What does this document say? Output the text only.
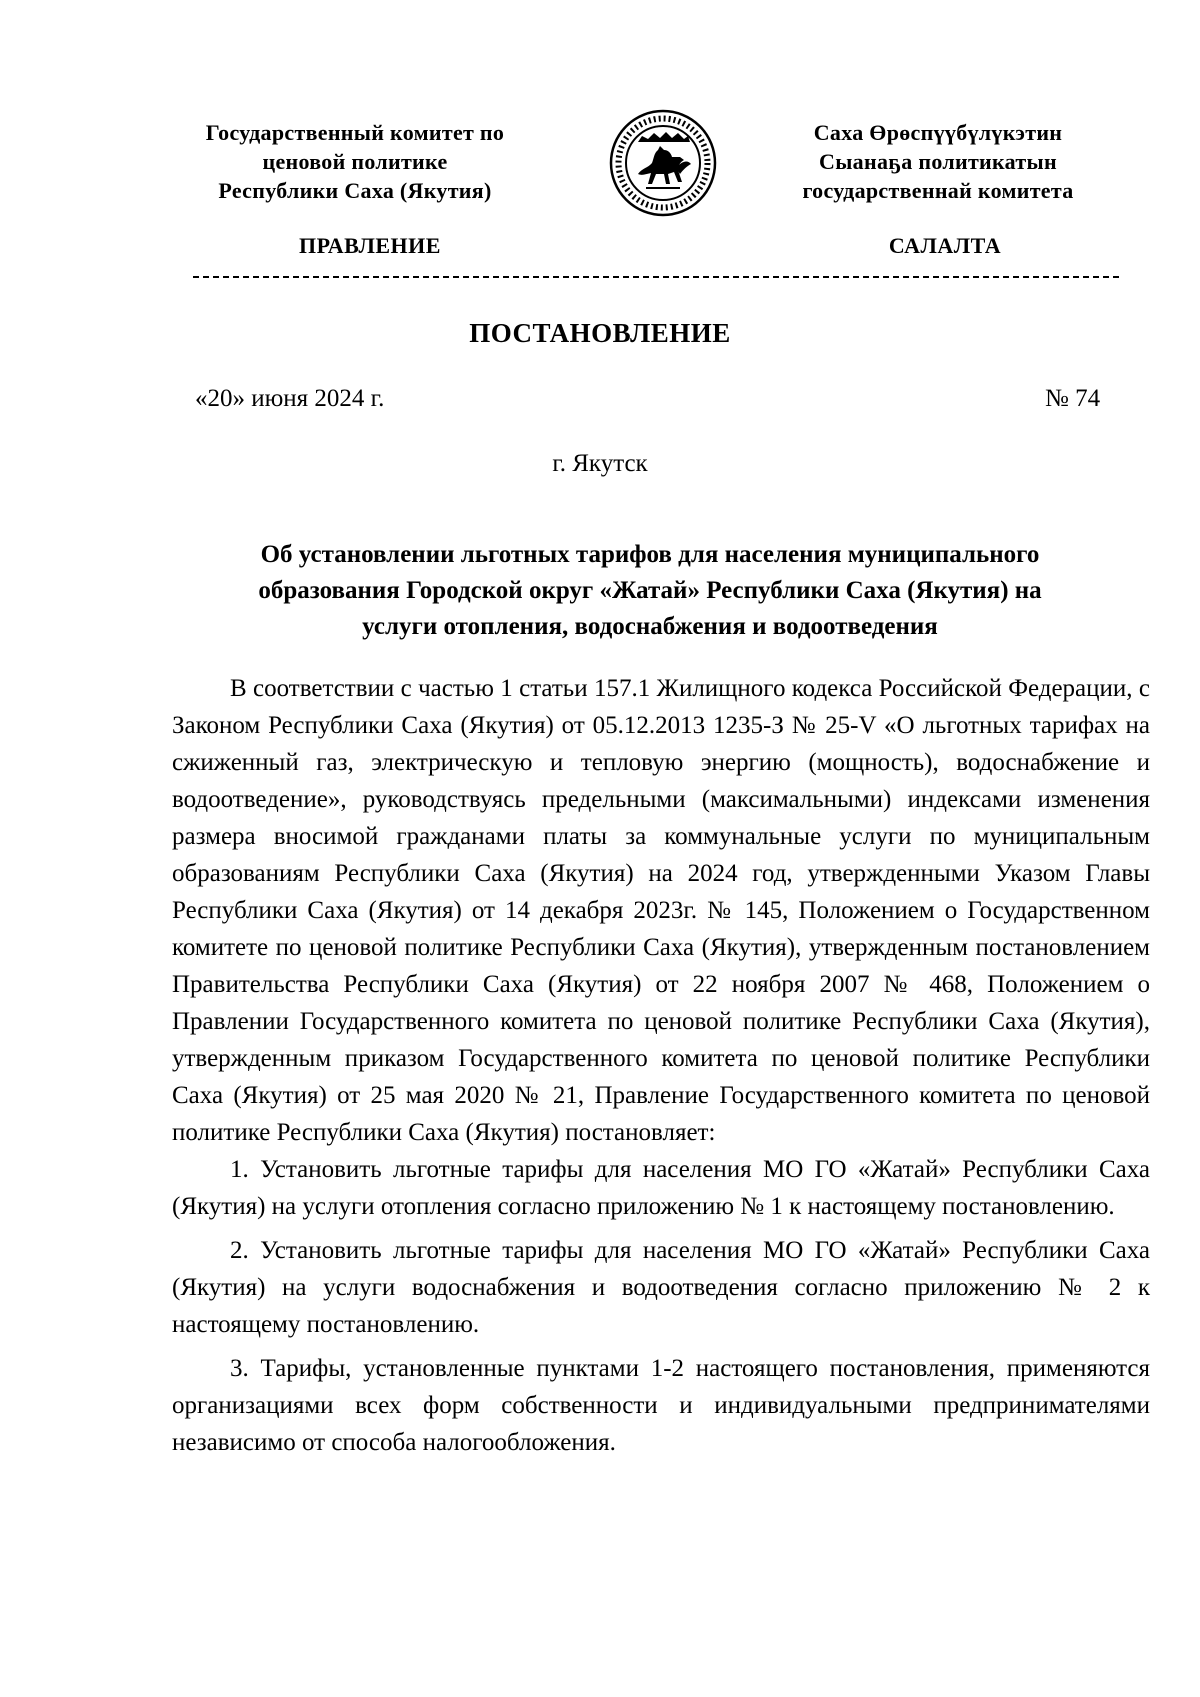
Государственный комитет по
ценовой политике
Республики Саха (Якутия)
Саха Өрөспүүбүлүкэтин
Сыанаҕа политикатын
государственнай комитета
ПРАВЛЕНИЕ	САЛАЛТА
ПОСТАНОВЛЕНИЕ
«20» июня 2024 г.	№ 74
г. Якутск
Об установлении льготных тарифов для населения муниципального
образования Городской округ «Жатай» Республики Саха (Якутия) на
услуги отопления, водоснабжения и водоотведения

В соответствии с частью 1 статьи 157.1 Жилищного кодекса Российской Федерации, с Законом Республики Саха (Якутия) от 05.12.2013 1235-З № 25-V «О льготных тарифах на сжиженный газ, электрическую и тепловую энергию (мощность), водоснабжение и водоотведение», руководствуясь предельными (максимальными) индексами изменения размера вносимой гражданами платы за коммунальные услуги по муниципальным образованиям Республики Саха (Якутия) на 2024 год, утвержденными Указом Главы Республики Саха (Якутия) от 14 декабря 2023г. № 145, Положением о Государственном комитете по ценовой политике Республики Саха (Якутия), утвержденным постановлением Правительства Республики Саха (Якутия) от 22 ноября 2007 № 468, Положением о Правлении Государственного комитета по ценовой политике Республики Саха (Якутия), утвержденным приказом Государственного комитета по ценовой политике Республики Саха (Якутия) от 25 мая 2020 № 21, Правление Государственного комитета по ценовой политике Республики Саха (Якутия) постановляет:

1. Установить льготные тарифы для населения МО ГО «Жатай» Республики Саха (Якутия) на услуги отопления согласно приложению № 1 к настоящему постановлению.

2. Установить льготные тарифы для населения МО ГО «Жатай» Республики Саха (Якутия) на услуги водоснабжения и водоотведения согласно приложению № 2 к настоящему постановлению.

3. Тарифы, установленные пунктами 1-2 настоящего постановления, применяются организациями всех форм собственности и индивидуальными предпринимателями независимо от способа налогообложения.
